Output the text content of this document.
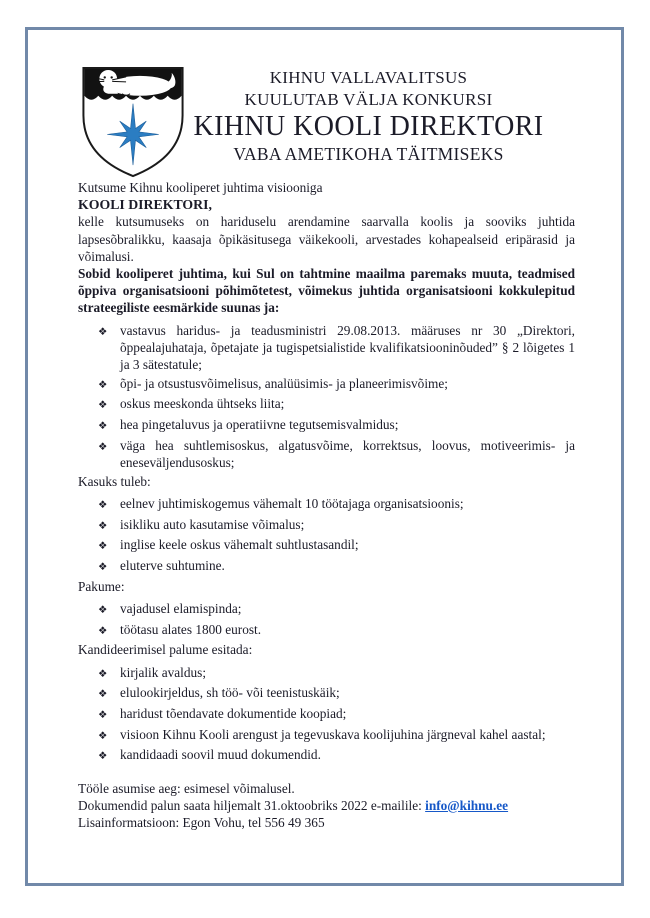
KIHNU VALLAVALITSUS
KUULUTAB VÄLJA KONKURSI
KIHNU KOOLI DIREKTORI
VABA AMETIKOHA TÄITMISEKS

Kutsume Kihnu kooliperet juhtima visiooniga

KOOLI DIREKTORI,

kelle kutsumuseks on hariduselu arendamine saarvalla koolis ja sooviks juhtida lapsesõbralikku, kaasaja õpikäsitusega väikekooli, arvestades kohapealseid eripärasid ja võimalusi.

Sobid kooliperet juhtima, kui Sul on tahtmine maailma paremaks muuta, teadmised õppiva organisatsiooni põhimõtetest, võimekus juhtida organisatsiooni kokkulepitud strateegiliste eesmärkide suunas ja:

❖ vastavus haridus- ja teadusministri 29.08.2013. määruses nr 30 „Direktori, õppealajuhataja, õpetajate ja tugispetsialistide kvalifikatsiooninõuded” § 2 lõigetes 1 ja 3 sätestatule;
❖ õpi- ja otsustusvõimelisus, analüüsimis- ja planeerimisvõime;
❖ oskus meeskonda ühtseks liita;
❖ hea pingetaluvus ja operatiivne tegutsemisvalmidus;
❖ väga hea suhtlemisoskus, algatusvõime, korrektsus, loovus, motiveerimis- ja eneseväljendusoskus;

Kasuks tuleb:

❖ eelnev juhtimiskogemus vähemalt 10 töötajaga organisatsioonis;
❖ isikliku auto kasutamise võimalus;
❖ inglise keele oskus vähemalt suhtlustasandil;
❖ eluterve suhtumine.

Pakume:

❖ vajadusel elamispinda;
❖ töötasu alates 1800 eurost.

Kandideerimisel palume esitada:

❖ kirjalik avaldus;
❖ elulookirjeldus, sh töö- või teenistuskäik;
❖ haridust tõendavate dokumentide koopiad;
❖ visioon Kihnu Kooli arengust ja tegevuskava koolijuhina järgneval kahel aastal;
❖ kandidaadi soovil muud dokumendid.

Tööle asumise aeg: esimesel võimalusel.

Dokumendid palun saata hiljemalt 31.oktoobriks 2022 e-mailile: info@kihnu.ee

Lisainformatsioon: Egon Vohu, tel 556 49 365
